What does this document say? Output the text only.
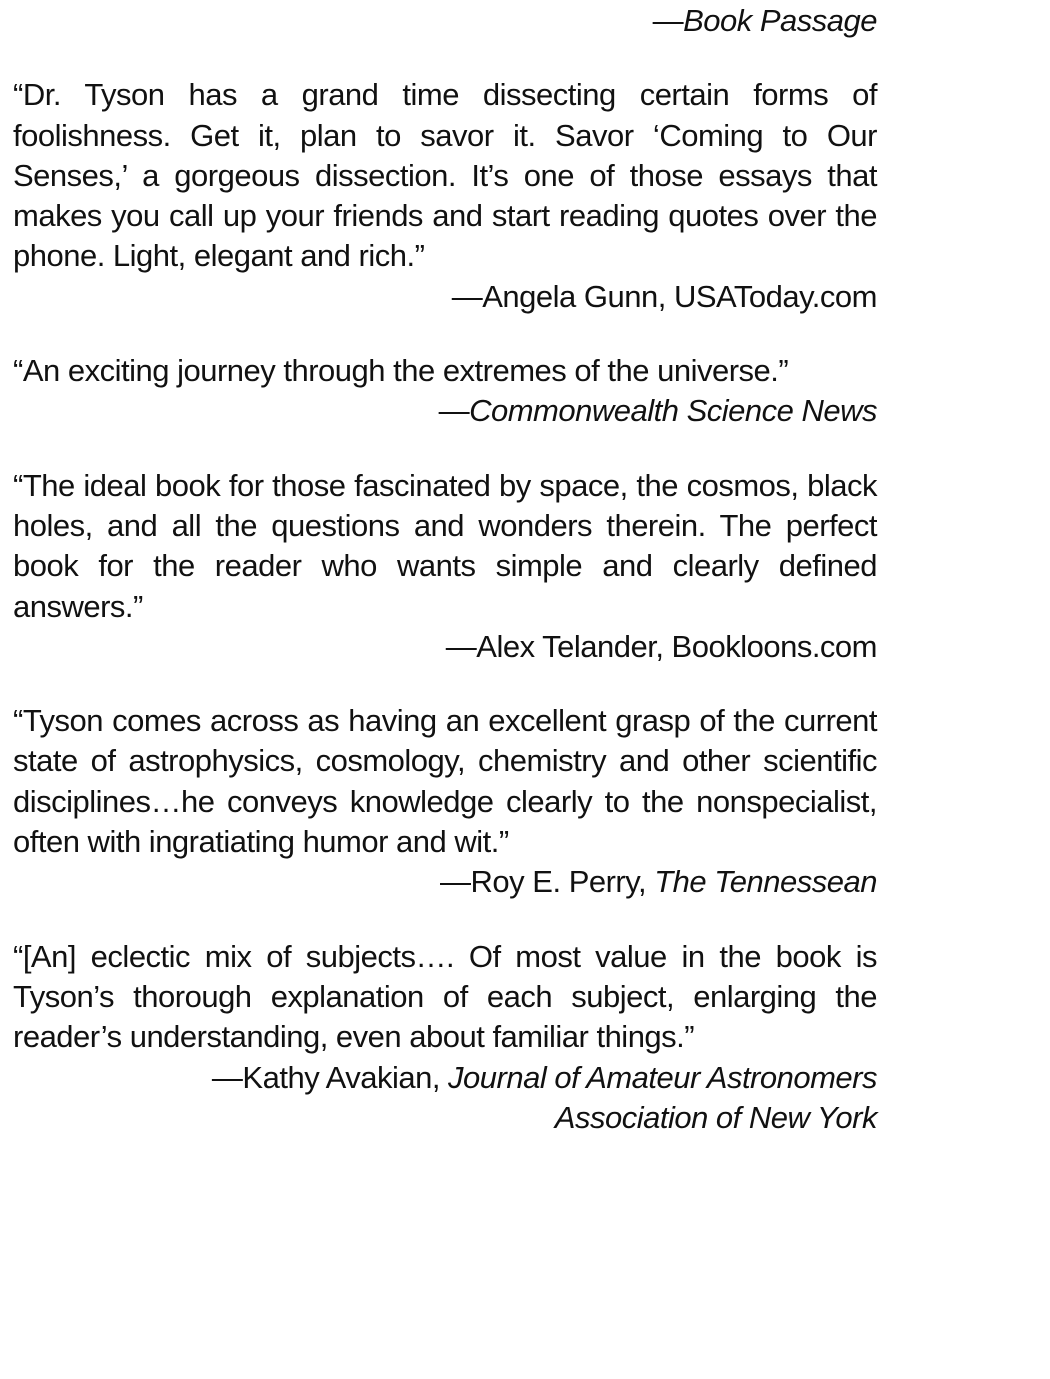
—Book Passage

“Dr. Tyson has a grand time dissecting certain forms of foolishness. Get it, plan to savor it. Savor ‘Coming to Our Senses,’ a gorgeous dissection. It’s one of those essays that makes you call up your friends and start reading quotes over the phone. Light, elegant and rich.”

—Angela Gunn, USAToday.com

“An exciting journey through the extremes of the universe.”

—Commonwealth Science News

“The ideal book for those fascinated by space, the cosmos, black holes, and all the questions and wonders therein. The perfect book for the reader who wants simple and clearly defined answers.”

—Alex Telander, Bookloons.com

“Tyson comes across as having an excellent grasp of the current state of astrophysics, cosmology, chemistry and other scientific disciplines…he conveys knowledge clearly to the nonspecialist, often with ingratiating humor and wit.”

—Roy E. Perry, The Tennessean

“[An] eclectic mix of subjects…. Of most value in the book is Tyson’s thorough explanation of each subject, enlarging the reader’s understanding, even about familiar things.”

—Kathy Avakian, Journal of Amateur Astronomers
Association of New York
